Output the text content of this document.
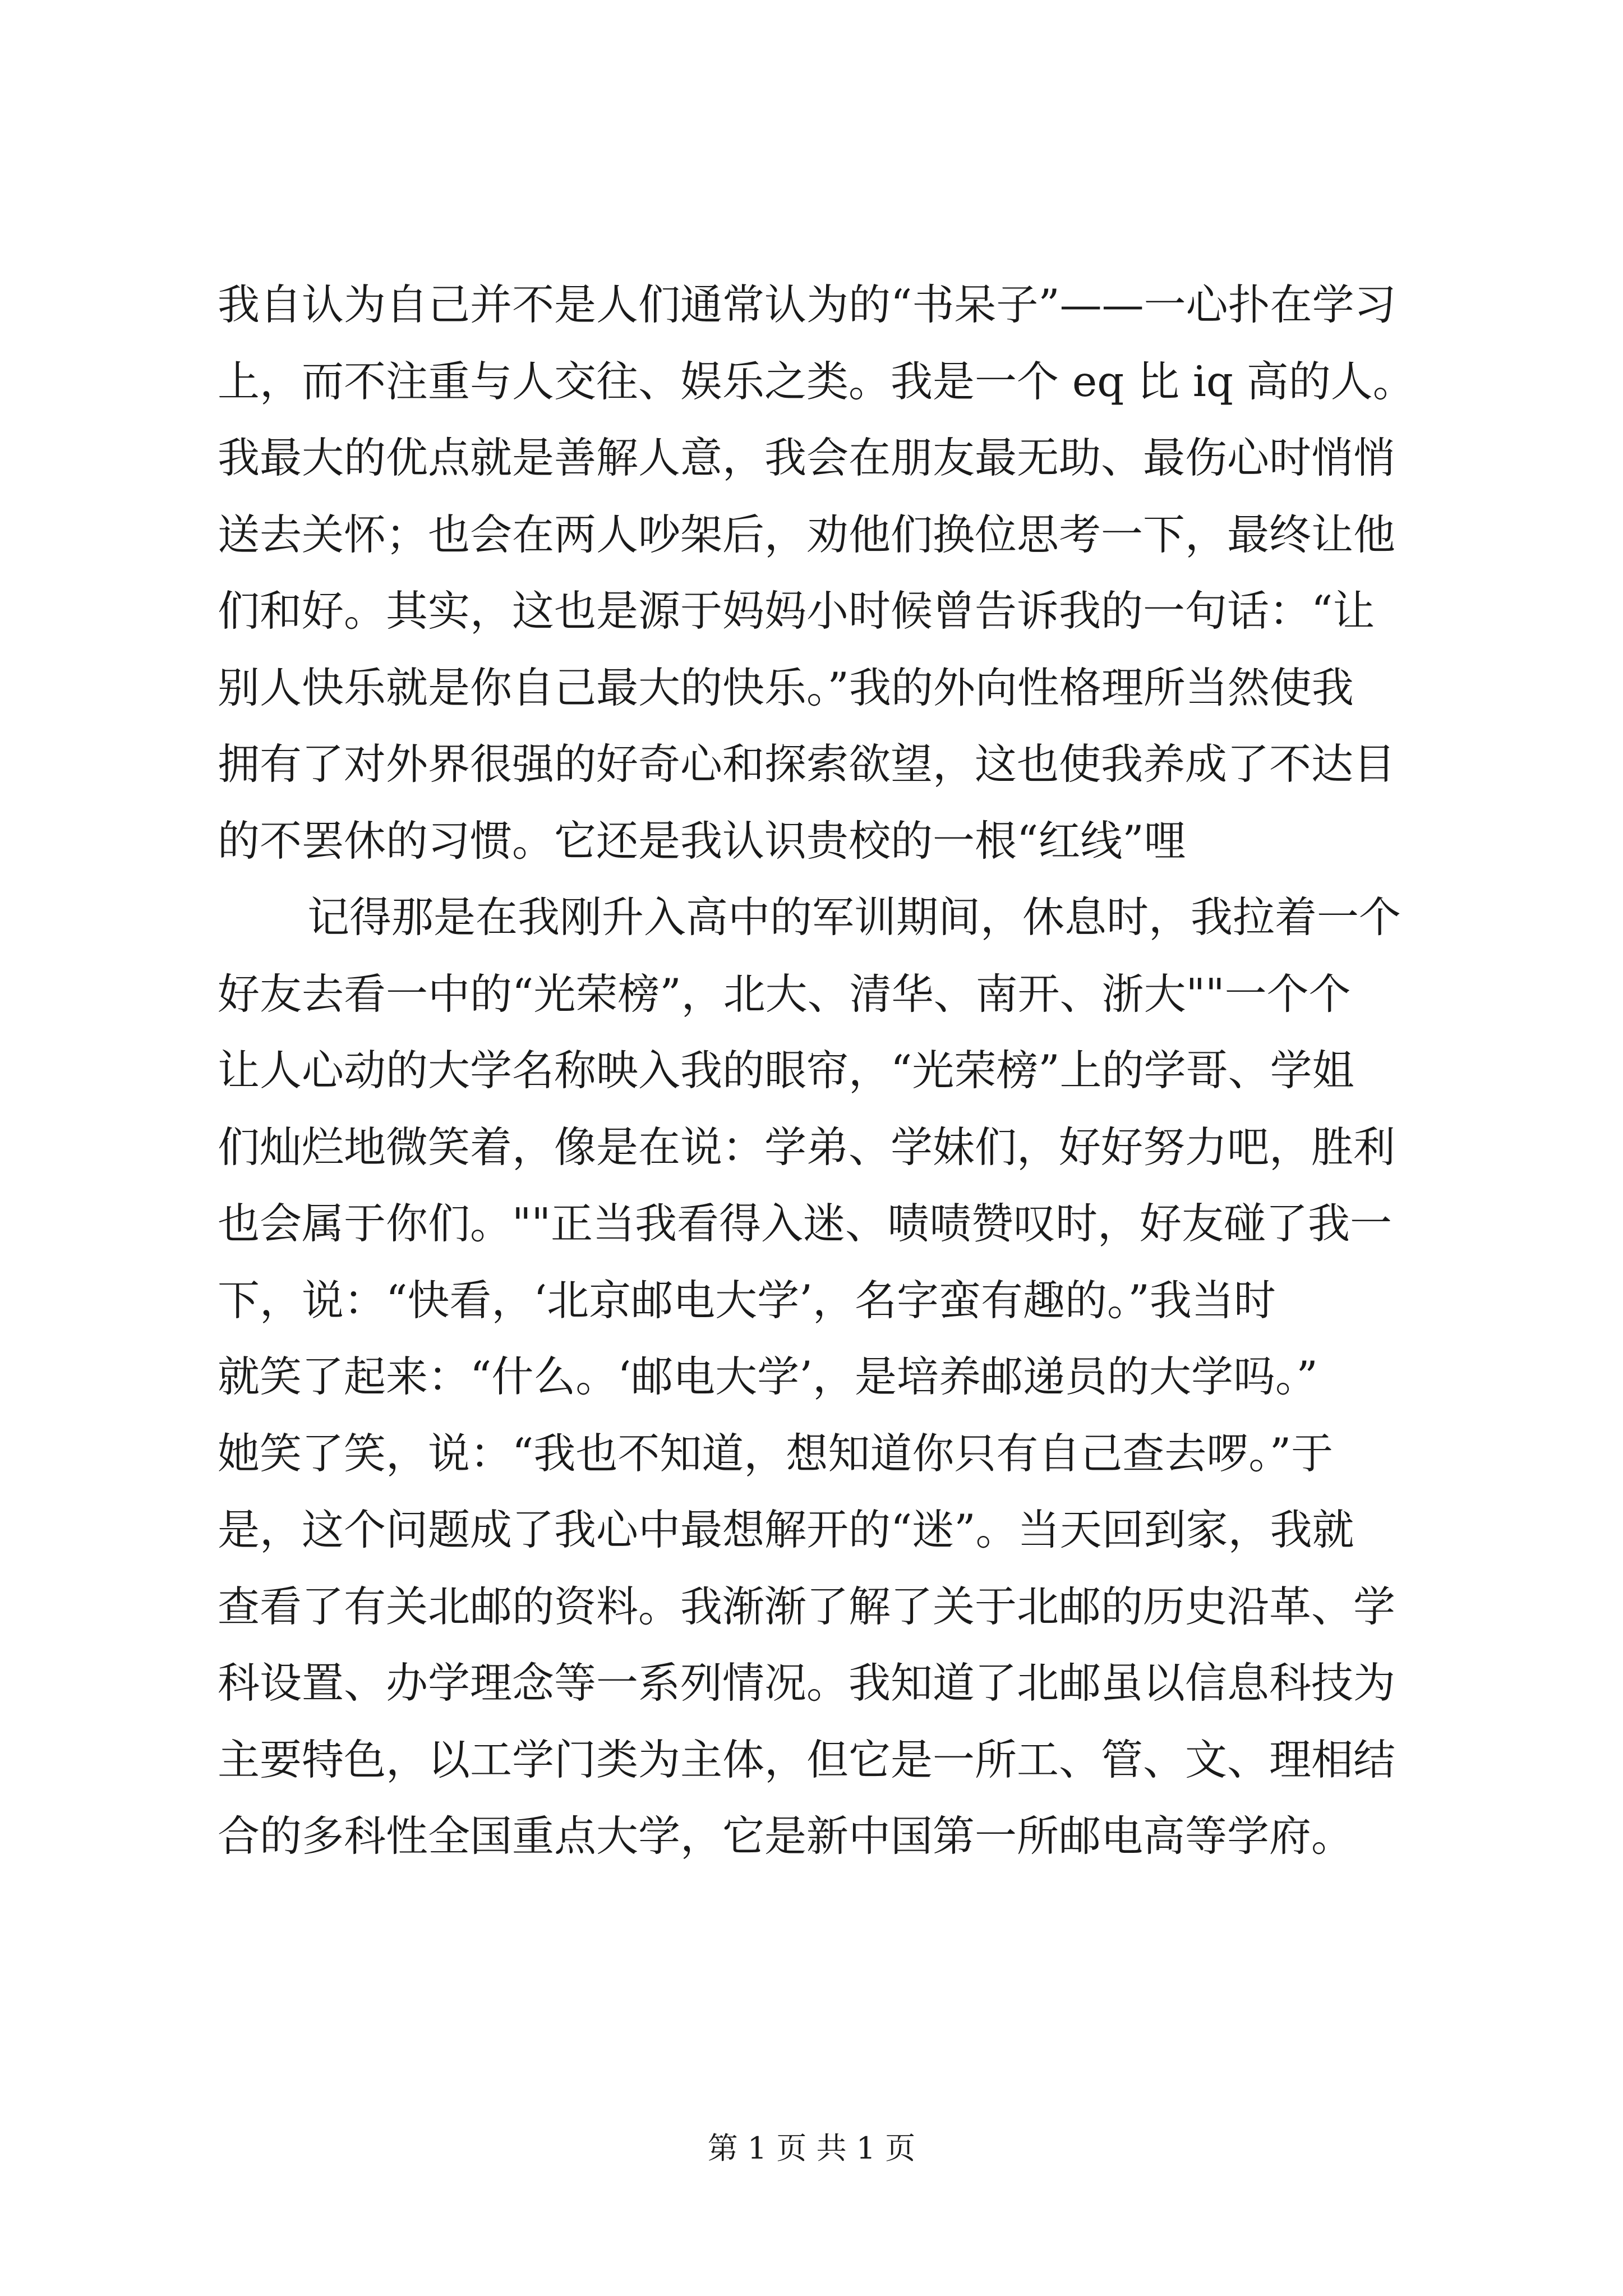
我自认为自己并不是人们通常认为的“书呆子”——一心扑在学习
上，而不注重与人交往、娱乐之类。我是一个 eq 比 iq 高的人。
我最大的优点就是善解人意，我会在朋友最无助、最伤心时悄悄
送去关怀；也会在两人吵架后，劝他们换位思考一下，最终让他
们和好。其实，这也是源于妈妈小时候曾告诉我的一句话：“让
别人快乐就是你自己最大的快乐。”我的外向性格理所当然使我
拥有了对外界很强的好奇心和探索欲望，这也使我养成了不达目
的不罢休的习惯。它还是我认识贵校的一根“红线”哩
记得那是在我刚升入高中的军训期间，休息时，我拉着一个
好友去看一中的“光荣榜”，北大、清华、南开、浙大""一个个
让人心动的大学名称映入我的眼帘，“光荣榜”上的学哥、学姐
们灿烂地微笑着，像是在说：学弟、学妹们，好好努力吧，胜利
也会属于你们。""正当我看得入迷、啧啧赞叹时，好友碰了我一
下，说：“快看，‘北京邮电大学’，名字蛮有趣的。”我当时
就笑了起来：“什么。‘邮电大学’，是培养邮递员的大学吗。”
她笑了笑，说：“我也不知道，想知道你只有自己查去啰。”于
是，这个问题成了我心中最想解开的“迷”。当天回到家，我就
查看了有关北邮的资料。我渐渐了解了关于北邮的历史沿革、学
科设置、办学理念等一系列情况。我知道了北邮虽以信息科技为
主要特色，以工学门类为主体，但它是一所工、管、文、理相结
合的多科性全国重点大学，它是新中国第一所邮电高等学府。
第 1 页 共 1 页
